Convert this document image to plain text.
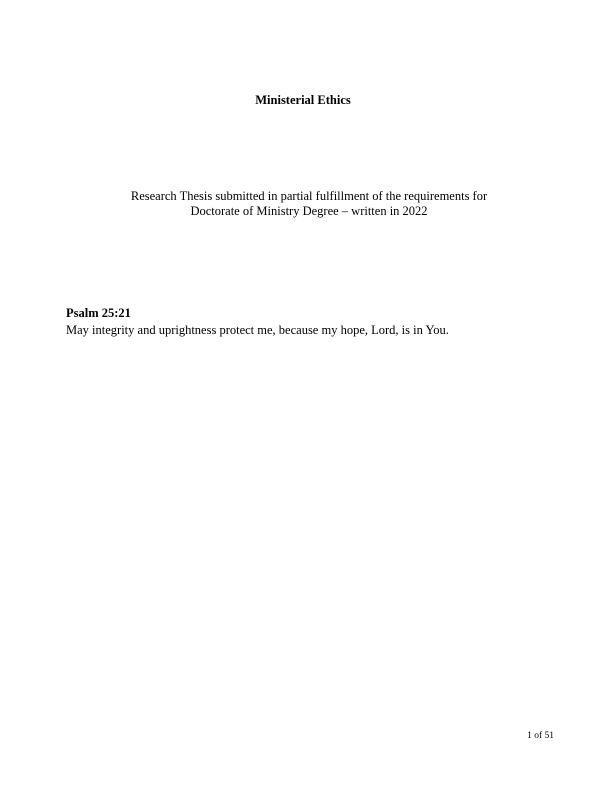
Ministerial Ethics
Research Thesis submitted in partial fulfillment of the requirements for
Doctorate of Ministry Degree – written in 2022
Psalm 25:21
May integrity and uprightness protect me, because my hope, Lord, is in You.
1 of 51
